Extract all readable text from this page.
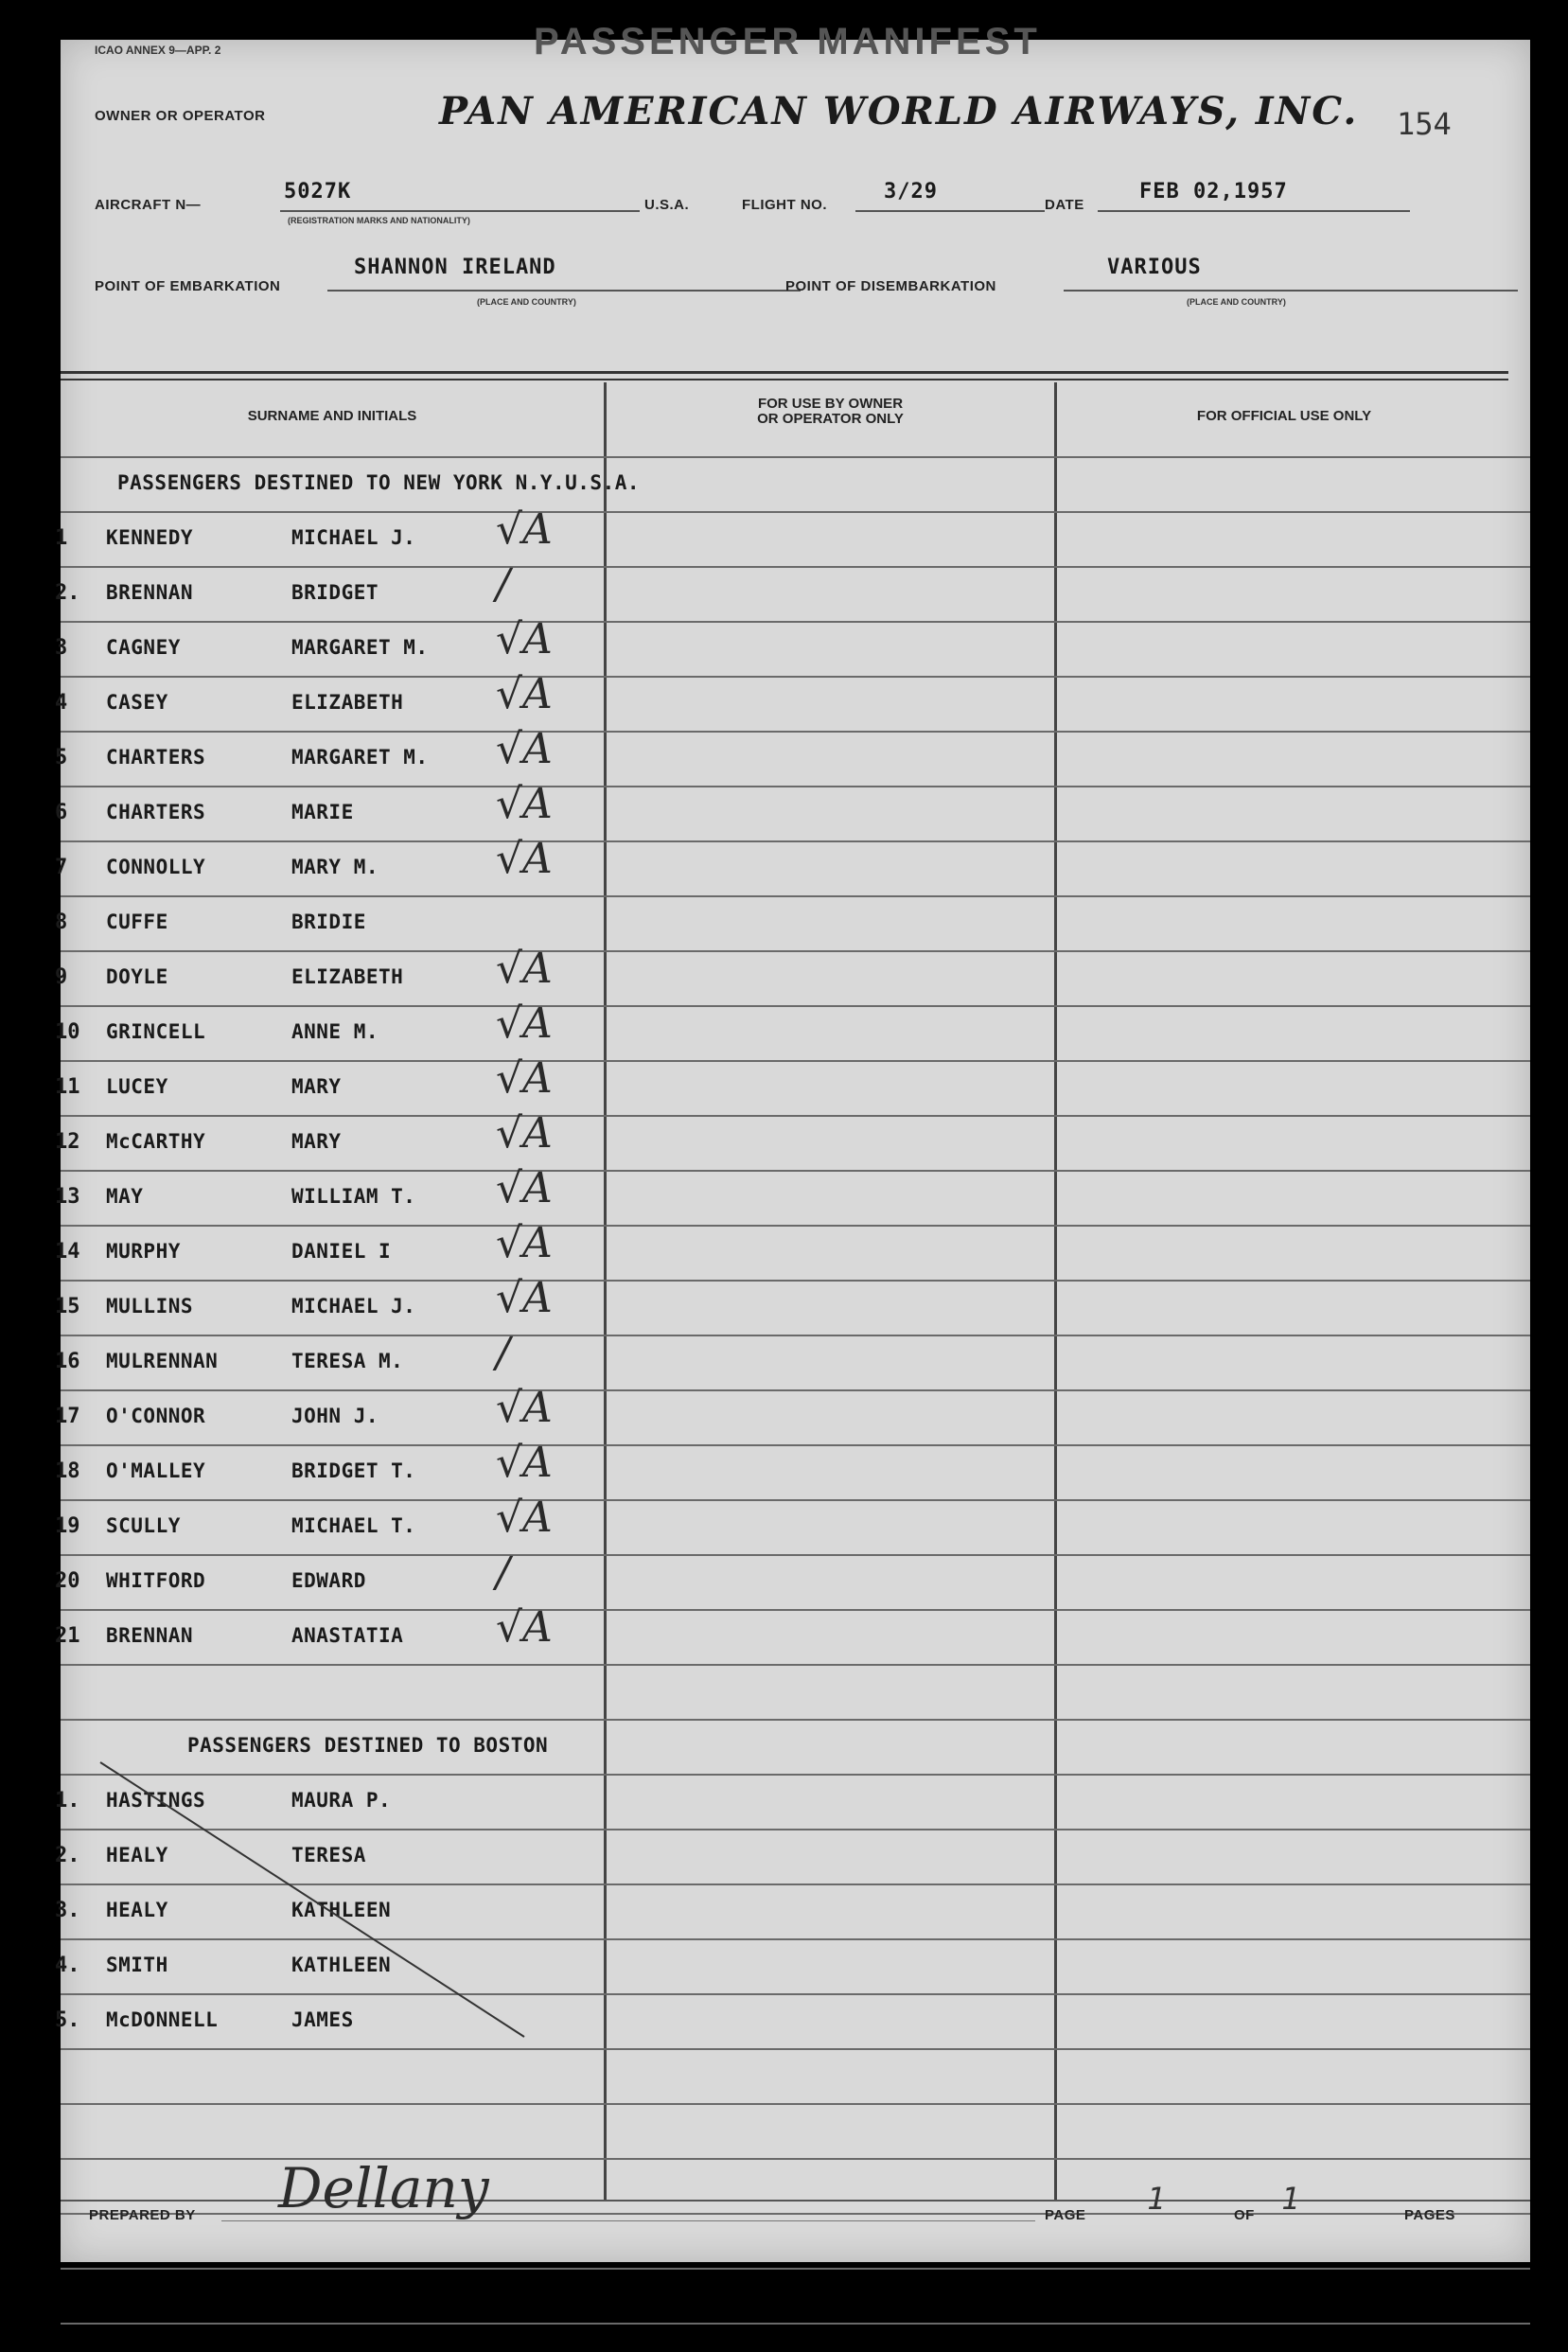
ICAO ANNEX 9—APP. 2	PASSENGER MANIFEST
OWNER OR OPERATOR	PAN AMERICAN WORLD AIRWAYS, INC. 154
AIRCRAFT N—
5027K
(REGISTRATION MARKS AND NATIONALITY)
U.S.A.	FLIGHT NO.
3/29
DATE
FEB 02,1957
POINT OF EMBARKATION
SHANNON IRELAND
(PLACE AND COUNTRY)
POINT OF DISEMBARKATION
VARIOUS
(PLACE AND COUNTRY)
SURNAME AND INITIALS
FOR USE BY OWNER
OR OPERATOR ONLY	FOR OFFICIAL USE ONLY
PASSENGERS DESTINED TO NEW YORK N.Y.U.S.A.
1 KENNEDY	MICHAEL J. √A
2. BRENNAN	BRIDGET	/
3 CAGNEY	MARGARET M. √A
4 CASEY	ELIZABETH √A
5 CHARTERS	MARGARET M. √A
6 CHARTERS	MARIE	√A
7 CONNOLLY	MARY M.	√A
8 CUFFE	BRIDIE
9 DOYLE	ELIZABETH √A
10 GRINCELL	ANNE M.	√A
11 LUCEY	MARY	√A
12 McCARTHY	MARY	√A
13 MAY	WILLIAM T. √A
14 MURPHY	DANIEL I	√A
15 MULLINS	MICHAEL J. √A
16 MULRENNAN	TERESA M. /
17 O'CONNOR	JOHN J.	√A
18 O'MALLEY	BRIDGET T. √A
19 SCULLY	MICHAEL T. √A
20 WHITFORD	EDWARD	/
21 BRENNAN	ANASTATIA √A
PASSENGERS DESTINED TO BOSTON
1. HASTINGS	MAURA P.
2. HEALY	TERESA
3. HEALY	KATHLEEN
4. SMITH	KATHLEEN
5. McDONNELL	JAMES
PREPARED BY Dellany	PAGE 1	OF 1	PAGES
